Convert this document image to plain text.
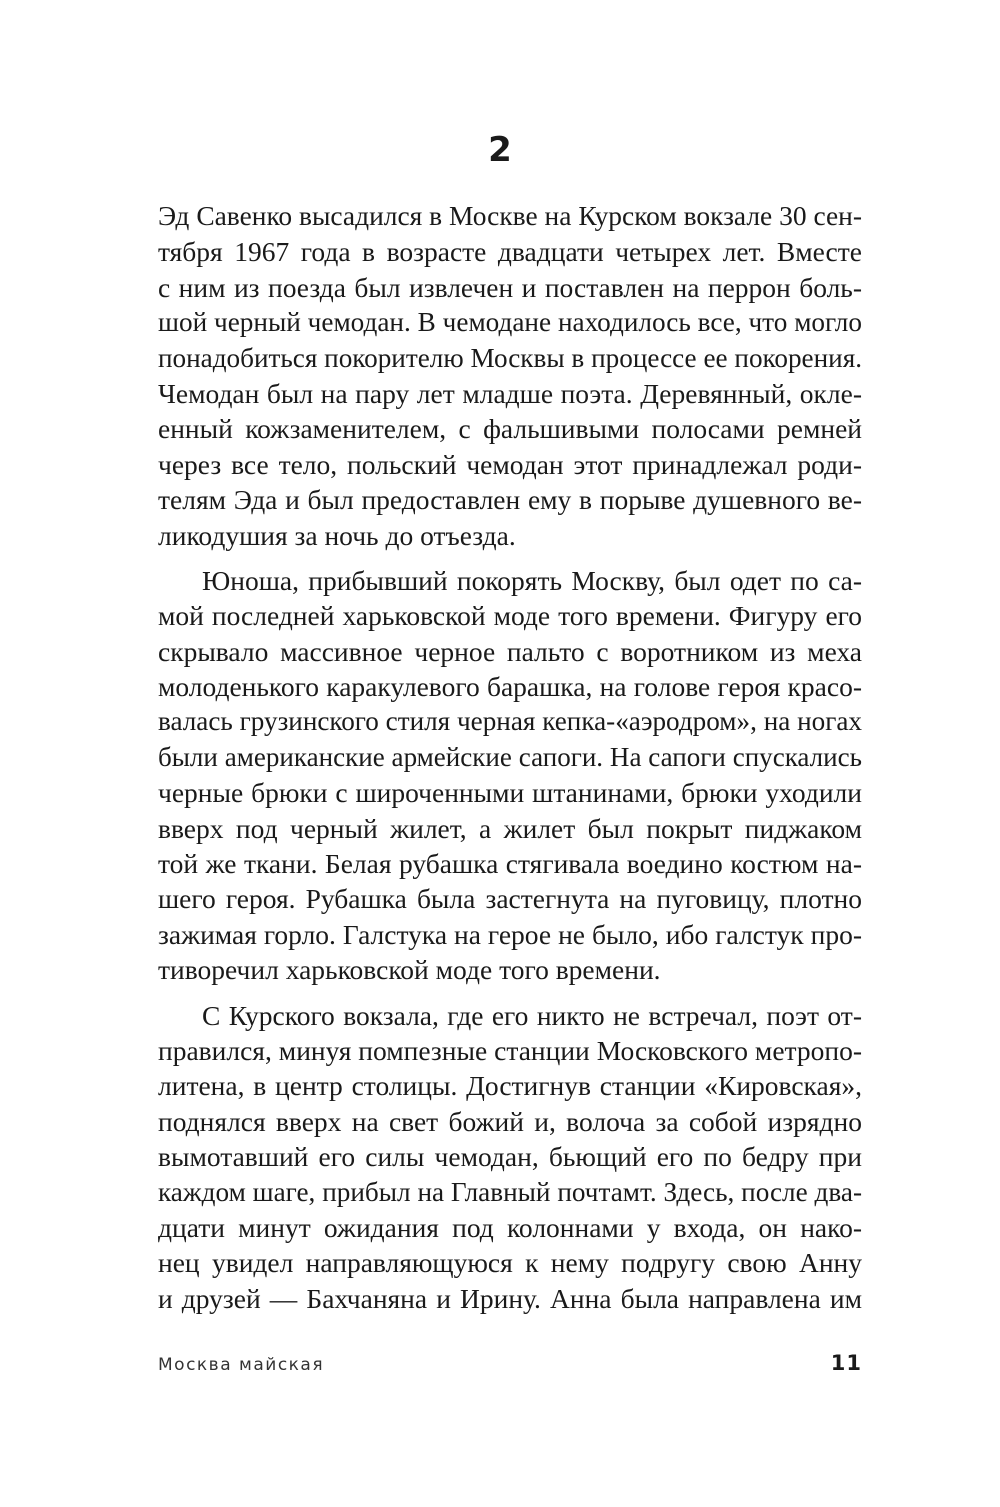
2
Эд Савенко высадился в Москве на Курском вокзале 30 сен-
тября 1967 года в возрасте двадцати четырех лет. Вместе
с ним из поезда был извлечен и поставлен на перрон боль-
шой черный чемодан. В чемодане находилось все, что могло
понадобиться покорителю Москвы в процессе ее покорения.
Чемодан был на пару лет младше поэта. Деревянный, окле-
енный кожзаменителем, с фальшивыми полосами ремней
через все тело, польский чемодан этот принадлежал роди-
телям Эда и был предоставлен ему в порыве душевного ве-
ликодушия за ночь до отъезда.
Юноша, прибывший покорять Москву, был одет по са-
мой последней харьковской моде того времени. Фигуру его
скрывало массивное черное пальто с воротником из меха
молоденького каракулевого барашка, на голове героя красо-
валась грузинского стиля черная кепка-«аэродром», на ногах
были американские армейские сапоги. На сапоги спускались
черные брюки с широченными штанинами, брюки уходили
вверх под черный жилет, а жилет был покрыт пиджаком
той же ткани. Белая рубашка стягивала воедино костюм на-
шего героя. Рубашка была застегнута на пуговицу, плотно
зажимая горло. Галстука на герое не было, ибо галстук про-
тиворечил харьковской моде того времени.
С Курского вокзала, где его никто не встречал, поэт от-
правился, минуя помпезные станции Московского метропо-
литена, в центр столицы. Достигнув станции «Кировская»,
поднялся вверх на свет божий и, волоча за собой изрядно
вымотавший его силы чемодан, бьющий его по бедру при
каждом шаге, прибыл на Главный почтамт. Здесь, после два-
дцати минут ожидания под колоннами у входа, он нако-
нец увидел направляющуюся к нему подругу свою Анну
и друзей — Бахчаняна и Ирину. Анна была направлена им
Москва майская	11
